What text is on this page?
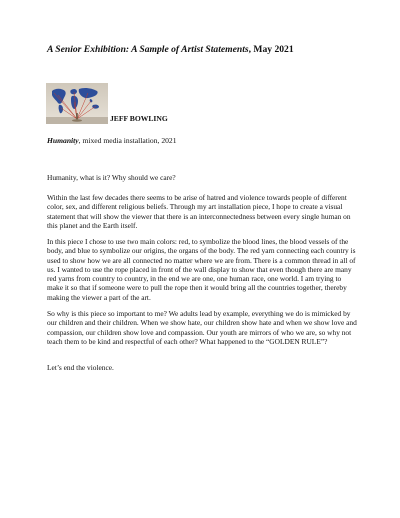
A Senior Exhibition: A Sample of Artist Statements, May 2021
JEFF BOWLING
Humanity, mixed media installation, 2021

Humanity, what is it? Why should we care?

Within the last few decades there seems to be arise of hatred and violence towards people of different color, sex, and different religious beliefs. Through my art installation piece, I hope to create a visual statement that will show the viewer that there is an interconnectedness between every single human on this planet and the Earth itself.

In this piece I chose to use two main colors: red, to symbolize the blood lines, the blood vessels of the body, and blue to symbolize our origins, the organs of the body. The red yarn connecting each country is used to show how we are all connected no matter where we are from. There is a common thread in all of us. I wanted to use the rope placed in front of the wall display to show that even though there are many red yarns from country to country, in the end we are one, one human race, one world. I am trying to make it so that if someone were to pull the rope then it would bring all the countries together, thereby making the viewer a part of the art.

So why is this piece so important to me? We adults lead by example, everything we do is mimicked by our children and their children. When we show hate, our children show hate and when we show love and compassion, our children show love and compassion. Our youth are mirrors of who we are, so why not teach them to be kind and respectful of each other? What happened to the “GOLDEN RULE”?

Let’s end the violence.
